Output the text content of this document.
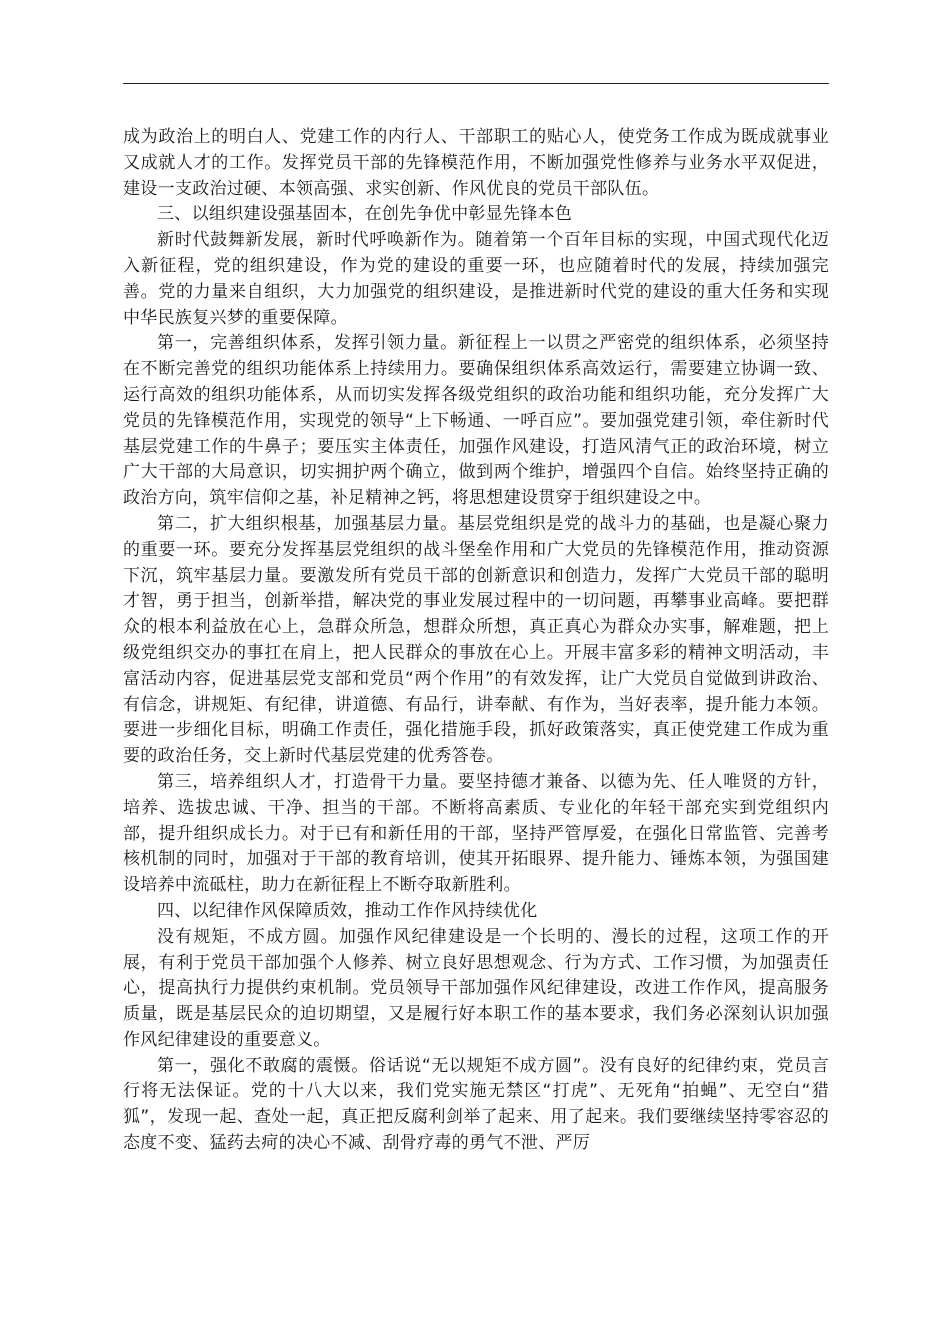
成为政治上的明白人、党建工作的内行人、干部职工的贴心人，使党务工作成为既成就事业又成就人才的工作。发挥党员干部的先锋模范作用，不断加强党性修养与业务水平双促进，建设一支政治过硬、本领高强、求实创新、作风优良的党员干部队伍。

三、以组织建设强基固本，在创先争优中彰显先锋本色

新时代鼓舞新发展，新时代呼唤新作为。随着第一个百年目标的实现，中国式现代化迈入新征程，党的组织建设，作为党的建设的重要一环，也应随着时代的发展，持续加强完善。党的力量来自组织，大力加强党的组织建设，是推进新时代党的建设的重大任务和实现中华民族复兴梦的重要保障。

第一，完善组织体系，发挥引领力量。新征程上一以贯之严密党的组织体系，必须坚持在不断完善党的组织功能体系上持续用力。要确保组织体系高效运行，需要建立协调一致、运行高效的组织功能体系，从而切实发挥各级党组织的政治功能和组织功能，充分发挥广大党员的先锋模范作用，实现党的领导“上下畅通、一呼百应”。要加强党建引领，牵住新时代基层党建工作的牛鼻子；要压实主体责任，加强作风建设，打造风清气正的政治环境，树立广大干部的大局意识，切实拥护两个确立，做到两个维护，增强四个自信。始终坚持正确的政治方向，筑牢信仰之基，补足精神之钙，将思想建设贯穿于组织建设之中。

第二，扩大组织根基，加强基层力量。基层党组织是党的战斗力的基础，也是凝心聚力的重要一环。要充分发挥基层党组织的战斗堡垒作用和广大党员的先锋模范作用，推动资源下沉，筑牢基层力量。要激发所有党员干部的创新意识和创造力，发挥广大党员干部的聪明才智，勇于担当，创新举措，解决党的事业发展过程中的一切问题，再攀事业高峰。要把群众的根本利益放在心上，急群众所急，想群众所想，真正真心为群众办实事，解难题，把上级党组织交办的事扛在肩上，把人民群众的事放在心上。开展丰富多彩的精神文明活动，丰富活动内容，促进基层党支部和党员“两个作用”的有效发挥，让广大党员自觉做到讲政治、有信念，讲规矩、有纪律，讲道德、有品行，讲奉献、有作为，当好表率，提升能力本领。要进一步细化目标，明确工作责任，强化措施手段，抓好政策落实，真正使党建工作成为重要的政治任务，交上新时代基层党建的优秀答卷。

第三，培养组织人才，打造骨干力量。要坚持德才兼备、以德为先、任人唯贤的方针，培养、选拔忠诚、干净、担当的干部。不断将高素质、专业化的年轻干部充实到党组织内部，提升组织成长力。对于已有和新任用的干部，坚持严管厚爱，在强化日常监管、完善考核机制的同时，加强对于干部的教育培训，使其开拓眼界、提升能力、锤炼本领，为强国建设培养中流砥柱，助力在新征程上不断夺取新胜利。

四、以纪律作风保障质效，推动工作作风持续优化

没有规矩，不成方圆。加强作风纪律建设是一个长明的、漫长的过程，这项工作的开展，有利于党员干部加强个人修养、树立良好思想观念、行为方式、工作习惯，为加强责任心，提高执行力提供约束机制。党员领导干部加强作风纪律建设，改进工作作风，提高服务质量，既是基层民众的迫切期望，又是履行好本职工作的基本要求，我们务必深刻认识加强作风纪律建设的重要意义。

第一，强化不敢腐的震慑。俗话说“无以规矩不成方圆”。没有良好的纪律约束，党员言行将无法保证。党的十八大以来，我们党实施无禁区“打虎”、无死角“拍蝇”、无空白“猎狐”，发现一起、查处一起，真正把反腐利剑举了起来、用了起来。我们要继续坚持零容忍的态度不变、猛药去疴的决心不减、刮骨疗毒的勇气不泄、严厉
